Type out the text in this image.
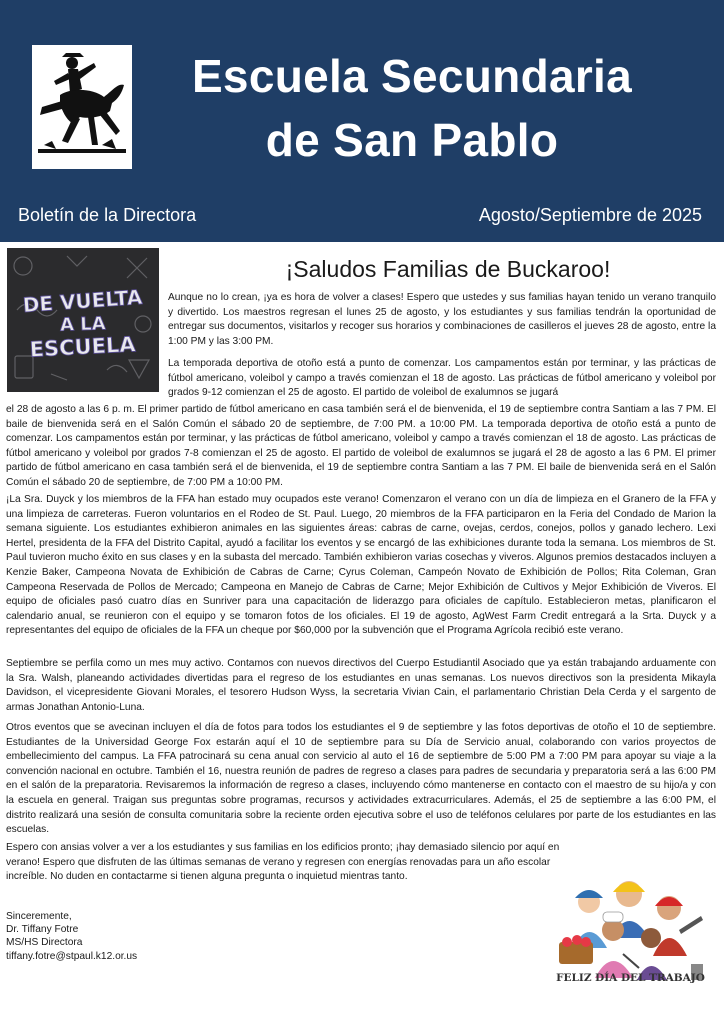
Escuela Secundaria
de San Pablo
Boletín de la Directora	Agosto/Septiembre de 2025
DE VUELTA
A LA
ESCUELA
¡Saludos Familias de Buckaroo!

Aunque no lo crean, ¡ya es hora de volver a clases! Espero que ustedes y sus familias hayan tenido un verano tranquilo y divertido. Los maestros regresan el lunes 25 de agosto, y los estudiantes y sus familias tendrán la oportunidad de entregar sus documentos, visitarlos y recoger sus horarios y combinaciones de casilleros el jueves 28 de agosto, entre la 1:00 PM y las 3:00 PM.

La temporada deportiva de otoño está a punto de comenzar. Los campamentos están por terminar, y las prácticas de fútbol americano, voleibol y campo a través comienzan el 18 de agosto. Las prácticas de fútbol americano y voleibol por grados 9-12 comienzan el 25 de agosto. El partido de voleibol de exalumnos se jugará

el 28 de agosto a las 6 p. m. El primer partido de fútbol americano en casa también será el de bienvenida, el 19 de septiembre contra Santiam a las 7 PM. El baile de bienvenida será en el Salón Común el sábado 20 de septiembre, de 7:00 PM. a 10:00 PM. La temporada deportiva de otoño está a punto de comenzar. Los campamentos están por terminar, y las prácticas de fútbol americano, voleibol y campo a través comienzan el 18 de agosto. Las prácticas de fútbol americano y voleibol por grados 7-8 comienzan el 25 de agosto. El partido de voleibol de exalumnos se jugará el 28 de agosto a las 6 PM. El primer partido de fútbol americano en casa también será el de bienvenida, el 19 de septiembre contra Santiam a las 7 PM. El baile de bienvenida será en el Salón Común el sábado 20 de septiembre, de 7:00 PM a 10:00 PM.

¡La Sra. Duyck y los miembros de la FFA han estado muy ocupados este verano! Comenzaron el verano con un día de limpieza en el Granero de la FFA y una limpieza de carreteras. Fueron voluntarios en el Rodeo de St. Paul. Luego, 20 miembros de la FFA participaron en la Feria del Condado de Marion la semana siguiente. Los estudiantes exhibieron animales en las siguientes áreas: cabras de carne, ovejas, cerdos, conejos, pollos y ganado lechero. Lexi Hertel, presidenta de la FFA del Distrito Capital, ayudó a facilitar los eventos y se encargó de las exhibiciones durante toda la semana. Los miembros de St. Paul tuvieron mucho éxito en sus clases y en la subasta del mercado. También exhibieron varias cosechas y viveros. Algunos premios destacados incluyen a Kenzie Baker, Campeona Novata de Exhibición de Cabras de Carne; Cyrus Coleman, Campeón Novato de Exhibición de Pollos; Rita Coleman, Gran Campeona Reservada de Pollos de Mercado; Campeona en Manejo de Cabras de Carne; Mejor Exhibición de Cultivos y Mejor Exhibición de Viveros. El equipo de oficiales pasó cuatro días en Sunriver para una capacitación de liderazgo para oficiales de capítulo. Establecieron metas, planificaron el calendario anual, se reunieron con el equipo y se tomaron fotos de los oficiales. El 19 de agosto, AgWest Farm Credit entregará a la Srta. Duyck y a representantes del equipo de oficiales de la FFA un cheque por $60,000 por la subvención que el Programa Agrícola recibió este verano.

Septiembre se perfila como un mes muy activo. Contamos con nuevos directivos del Cuerpo Estudiantil Asociado que ya están trabajando arduamente con la Sra. Walsh, planeando actividades divertidas para el regreso de los estudiantes en unas semanas. Los nuevos directivos son la presidenta Mikayla Davidson, el vicepresidente Giovani Morales, el tesorero Hudson Wyss, la secretaria Vivian Cain, el parlamentario Christian Dela Cerda y el sargento de armas Jonathan Antonio-Luna.

Otros eventos que se avecinan incluyen el día de fotos para todos los estudiantes el 9 de septiembre y las fotos deportivas de otoño el 10 de septiembre. Estudiantes de la Universidad George Fox estarán aquí el 10 de septiembre para su Día de Servicio anual, colaborando con varios proyectos de embellecimiento del campus. La FFA patrocinará su cena anual con servicio al auto el 16 de septiembre de 5:00 PM a 7:00 PM para apoyar su viaje a la convención nacional en octubre. También el 16, nuestra reunión de padres de regreso a clases para padres de secundaria y preparatoria será a las 6:00 PM en el salón de la preparatoria. Revisaremos la información de regreso a clases, incluyendo cómo mantenerse en contacto con el maestro de su hijo/a y con la escuela en general. Traigan sus preguntas sobre programas, recursos y actividades extracurriculares. Además, el 25 de septiembre a las 6:00 PM, el distrito realizará una sesión de consulta comunitaria sobre la reciente orden ejecutiva sobre el uso de teléfonos celulares por parte de los estudiantes en las escuelas.

Espero con ansias volver a ver a los estudiantes y sus familias en los edificios pronto; ¡hay demasiado silencio por aquí en verano! Espero que disfruten de las últimas semanas de verano y regresen con energías renovadas para un año escolar increíble. No duden en contactarme si tienen alguna pregunta o inquietud mientras tanto.

Sinceremente,
Dr. Tiffany Fotre
MS/HS Directora
tiffany.fotre@stpaul.k12.or.us
FELIZ DÍA DEL TRABAJO
